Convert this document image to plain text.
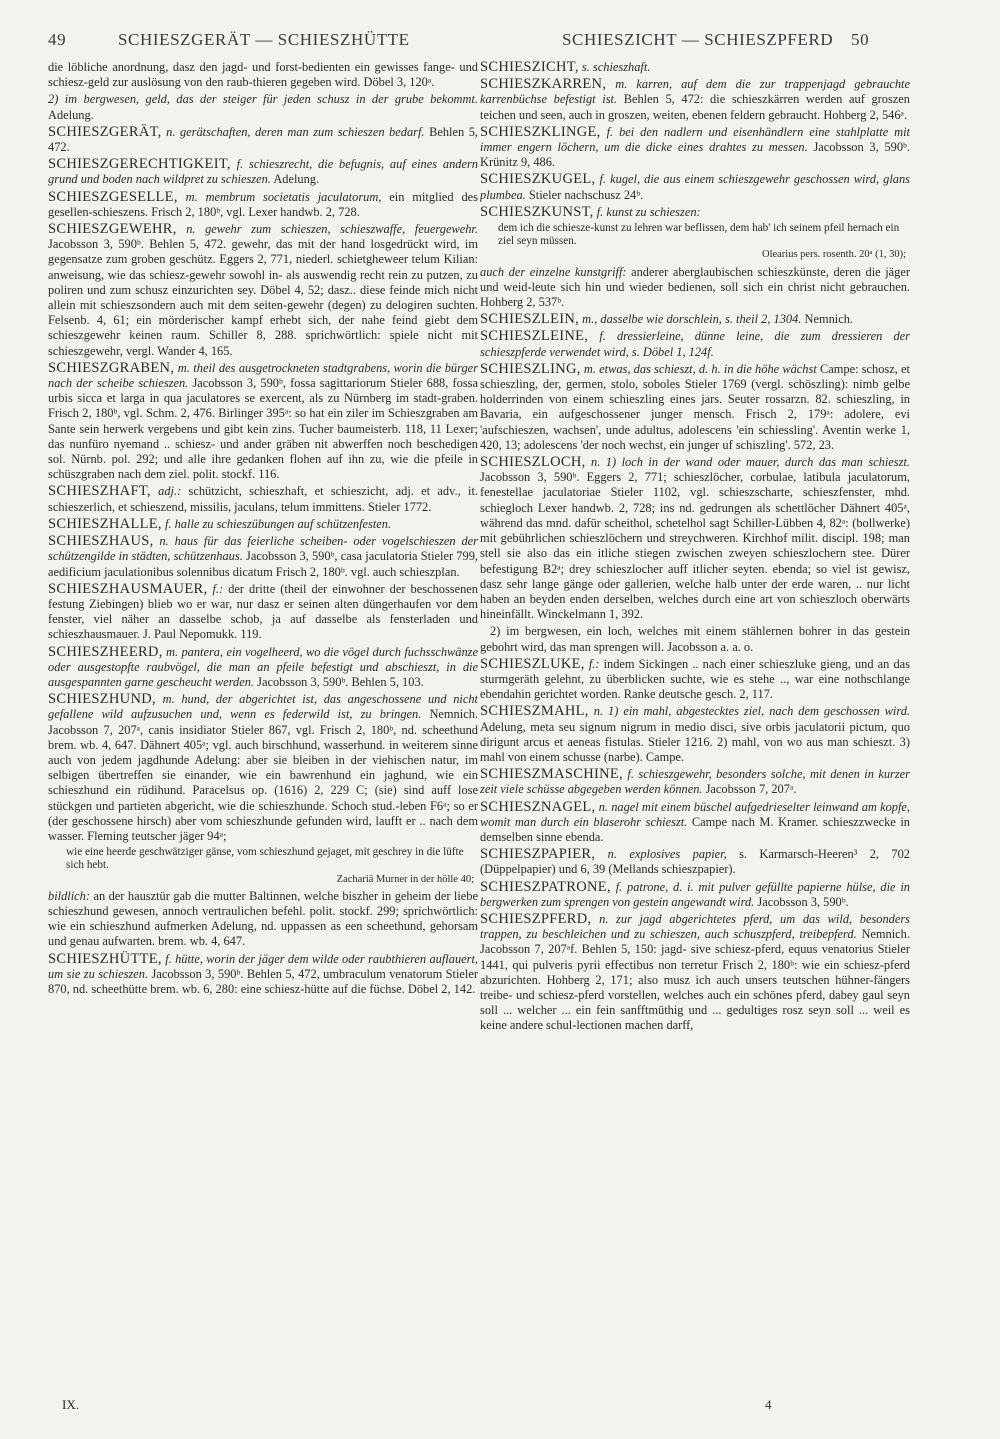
49	SCHIESZGERÄT — SCHIESZHÜTTE	SCHIESZICHT — SCHIESZPFERD 50

die löbliche anordnung, dasz den jagd- und forst-bedienten ein gewisses fange- und schiesz-geld zur auslösung von den raub-thieren gegeben wird. Döbel 3, 120ᵃ.

2) im bergwesen, geld, das der steiger für jeden schusz in der grube bekommt. Adelung.

SCHIESZGERÄT, n. gerätschaften, deren man zum schieszen bedarf. Behlen 5, 472.

SCHIESZGERECHTIGKEIT, f. schieszrecht, die befugnis, auf eines andern grund und boden nach wildpret zu schieszen. Adelung.

SCHIESZGESELLE, m. membrum societatis jaculatorum, ein mitglied des gesellen-schieszens. Frisch 2, 180ᵇ, vgl. Lexer handwb. 2, 728.

SCHIESZGEWEHR, n. gewehr zum schieszen, schieszwaffe, feuergewehr. Jacobsson 3, 590ᵇ. Behlen 5, 472. gewehr, das mit der hand losgedrückt wird, im gegensatze zum groben geschütz. Eggers 2, 771, niederl. schietgheweer telum Kilian: anweisung, wie das schiesz-gewehr sowohl in- als auswendig recht rein zu putzen, zu poliren und zum schusz einzurichten sey. Döbel 4, 52; dasz.. diese feinde mich nicht allein mit schieszsondern auch mit dem seiten-gewehr (degen) zu delogiren suchten. Felsenb. 4, 61; ein mörderischer kampf erhebt sich, der nahe feind giebt dem schieszgewehr keinen raum. Schiller 8, 288. sprichwörtlich: spiele nicht mit schieszgewehr, vergl. Wander 4, 165.

SCHIESZGRABEN, m. theil des ausgetrockneten stadtgrabens, worin die bürger nach der scheibe schieszen. Jacobsson 3, 590ᵇ, fossa sagittariorum Stieler 688, fossa urbis sicca et larga in qua jaculatores se exercent, als zu Nürnberg im stadt-graben. Frisch 2, 180ᵇ, vgl. Schm. 2, 476. Birlinger 395ᵃ: so hat ein ziler im Schieszgraben am Sante sein herwerk vergebens und gibt kein zins. Tucher baumeisterb. 118, 11 Lexer; das nunfüro nyemand .. schiesz- und ander gräben nit abwerffen noch beschedigen sol. Nürnb. pol. 292; und alle ihre gedanken flohen auf ihn zu, wie die pfeile in schüszgraben nach dem ziel. polit. stockf. 116.

SCHIESZHAFT, adj.: schützicht, schieszhaft, et schieszicht, adj. et adv., it. schieszerlich, et schieszend, missilis, jaculans, telum immittens. Stieler 1772.

SCHIESZHALLE, f. halle zu schieszübungen auf schützenfesten.

SCHIESZHAUS, n. haus für das feierliche scheiben- oder vogelschieszen der schützengilde in städten, schützenhaus. Jacobsson 3, 590ᵇ, casa jaculatoria Stieler 799, aedificium jaculationibus solennibus dicatum Frisch 2, 180ᵇ. vgl. auch schieszplan.

SCHIESZHAUSMAUER, f.: der dritte (theil der einwohner der beschossenen festung Ziebingen) blieb wo er war, nur dasz er seinen alten düngerhaufen vor dem fenster, viel näher an dasselbe schob, ja auf dasselbe als fensterladen und schieszhausmauer. J. Paul Nepomukk. 119.

SCHIESZHEERD, m. pantera, ein vogelheerd, wo die vögel durch fuchsschwänze oder ausgestopfte raubvögel, die man an pfeile befestigt und abschieszt, in die ausgespannten garne gescheucht werden. Jacobsson 3, 590ᵇ. Behlen 5, 103.

SCHIESZHUND, m. hund, der abgerichtet ist, das angeschossene und nicht gefallene wild aufzusuchen und, wenn es federwild ist, zu bringen. Nemnich. Jacobsson 7, 207ᵃ, canis insidiator Stieler 867, vgl. Frisch 2, 180ᵇ, nd. scheethund brem. wb. 4, 647. Dähnert 405ᵃ; vgl. auch birschhund, wasserhund. in weiterem sinne auch von jedem jagdhunde Adelung: aber sie bleiben in der viehischen natur, im selbigen übertreffen sie einander, wie ein bawrenhund ein jaghund, wie ein schieszhund ein rüdihund. Paracelsus op. (1616) 2, 229 C; (sie) sind auff lose stückgen und partieten abgericht, wie die schieszhunde. Schoch stud.-leben F6ᵃ; so er (der geschossene hirsch) aber vom schieszhunde gefunden wird, laufft er .. nach dem wasser. Fleming teutscher jäger 94ᵃ;

wie eine heerde geschwätziger gänse, vom schieszhund gejaget, mit geschrey in die lüfte sich hebt.
Zachariä Murner in der hölle 40;

bildlich: an der hausztür gab die mutter Baltinnen, welche biszher in geheim der liebe schieszhund gewesen, annoch vertraulichen befehl. polit. stockf. 299; sprichwörtlich: wie ein schieszhund aufmerken Adelung, nd. uppassen as een scheethund, gehorsam und genau aufwarten. brem. wb. 4, 647.

SCHIESZHÜTTE, f. hütte, worin der jäger dem wilde oder raubthieren auflauert, um sie zu schieszen. Jacobsson 3, 590ᵇ. Behlen 5, 472, umbraculum venatorum Stieler 870, nd. scheethütte brem. wb. 6, 280: eine schiesz-hütte auf die füchse. Döbel 2, 142.

SCHIESZICHT, s. schieszhaft.

SCHIESZKARREN, m. karren, auf dem die zur trappenjagd gebrauchte karrenbüchse befestigt ist. Behlen 5, 472: die schieszkärren werden auf groszen teichen und seen, auch in groszen, weiten, ebenen feldern gebraucht. Hohberg 2, 546ᵃ.

SCHIESZKLINGE, f. bei den nadlern und eisenhändlern eine stahlplatte mit immer engern löchern, um die dicke eines drahtes zu messen. Jacobsson 3, 590ᵇ. Krünitz 9, 486.

SCHIESZKUGEL, f. kugel, die aus einem schieszgewehr geschossen wird, glans plumbea. Stieler nachschusz 24ᵇ.

SCHIESZKUNST, f. kunst zu schieszen:

dem ich die schiesze-kunst zu lehren war beflissen, dem hab' ich seinem pfeil hernach ein ziel seyn müssen.
Olearius pers. rosenth. 20ᵃ (1, 30);

auch der einzelne kunstgriff: anderer aberglaubischen schieszkünste, deren die jäger und weid-leute sich hin und wieder bedienen, soll sich ein christ nicht gebrauchen. Hohberg 2, 537ᵇ.

SCHIESZLEIN, m., dasselbe wie dorschlein, s. theil 2, 1304. Nemnich.

SCHIESZLEINE, f. dressierleine, dünne leine, die zum dressieren der schieszpferde verwendet wird, s. Döbel 1, 124f.

SCHIESZLING, m. etwas, das schieszt, d. h. in die höhe wächst Campe: schosz, et schieszling, der, germen, stolo, soboles Stieler 1769 (vergl. schöszling): nimb gelbe holderrinden von einem schieszling eines jars. Seuter rossarzn. 82. schieszling, in Bavaria, ein aufgeschossener junger mensch. Frisch 2, 179ᵃ: adolere, evi 'aufschieszen, wachsen', unde adultus, adolescens 'ein schiessling'. Aventin werke 1, 420, 13; adolescens 'der noch wechst, ein junger uf schiszling'. 572, 23.

SCHIESZLOCH, n. 1) loch in der wand oder mauer, durch das man schieszt. Jacobsson 3, 590ᵇ. Eggers 2, 771; schieszlöcher, corbulae, latibula jaculatorum, fenestellae jaculatoriae Stieler 1102, vgl. schieszscharte, schieszfenster, mhd. schiegloch Lexer handwb. 2, 728; ins nd. gedrungen als schettlöcher Dähnert 405ᵃ, während das mnd. dafür scheithol, schetelhol sagt Schiller-Lübben 4, 82ᵃ: (bollwerke) mit gebührlichen schieszlöchern und streychweren. Kirchhof milit. discipl. 198; man stell sie also das ein itliche stiegen zwischen zweyen schieszlochern stee. Dürer befestigung B2ᵃ; drey schieszlocher auff itlicher seyten. ebenda; so viel ist gewisz, dasz sehr lange gänge oder gallerien, welche halb unter der erde waren, .. nur licht haben an beyden enden derselben, welches durch eine art von schieszloch oberwärts hineinfällt. Winckelmann 1, 392.

2) im bergwesen, ein loch, welches mit einem stählernen bohrer in das gestein gebohrt wird, das man sprengen will. Jacobsson a. a. o.

SCHIESZLUKE, f.: indem Sickingen .. nach einer schieszluke gieng, und an das sturmgeräth gelehnt, zu überblicken suchte, wie es stehe .., war eine nothschlange ebendahin gerichtet worden. Ranke deutsche gesch. 2, 117.

SCHIESZMAHL, n. 1) ein mahl, abgestecktes ziel, nach dem geschossen wird. Adelung, meta seu signum nigrum in medio disci, sive orbis jaculatorii pictum, quo dirigunt arcus et aeneas fistulas. Stieler 1216. 2) mahl, von wo aus man schieszt. 3) mahl von einem schusse (narbe). Campe.

SCHIESZMASCHINE, f. schieszgewehr, besonders solche, mit denen in kurzer zeit viele schüsse abgegeben werden können. Jacobsson 7, 207ᵃ.

SCHIESZNAGEL, n. nagel mit einem büschel aufgedrieselter leinwand am kopfe, womit man durch ein blaserohr schieszt. Campe nach M. Kramer. schieszzwecke in demselben sinne ebenda.

SCHIESZPAPIER, n. explosives papier, s. Karmarsch-Heeren³ 2, 702 (Düppelpapier) und 6, 39 (Mellands schieszpapier).

SCHIESZPATRONE, f. patrone, d. i. mit pulver gefüllte papierne hülse, die in bergwerken zum sprengen von gestein angewandt wird. Jacobsson 3, 590ᵇ.

SCHIESZPFERD, n. zur jagd abgerichtetes pferd, um das wild, besonders trappen, zu beschleichen und zu schieszen, auch schuszpferd, treibepferd. Nemnich. Jacobsson 7, 207ᵃf. Behlen 5, 150: jagd- sive schiesz-pferd, equus venatorius Stieler 1441, qui pulveris pyrii effectibus non terretur Frisch 2, 180ᵇ: wie ein schiesz-pferd abzurichten. Hohberg 2, 171; also musz ich auch unsers teutschen hühner-fängers treibe- und schiesz-pferd vorstellen, welches auch ein schönes pferd, dabey gaul seyn soll ... welcher ... ein fein sanfftmüthig und ... gedultiges rosz seyn soll ... weil es keine andere schul-lectionen machen darff,

IX.	4
